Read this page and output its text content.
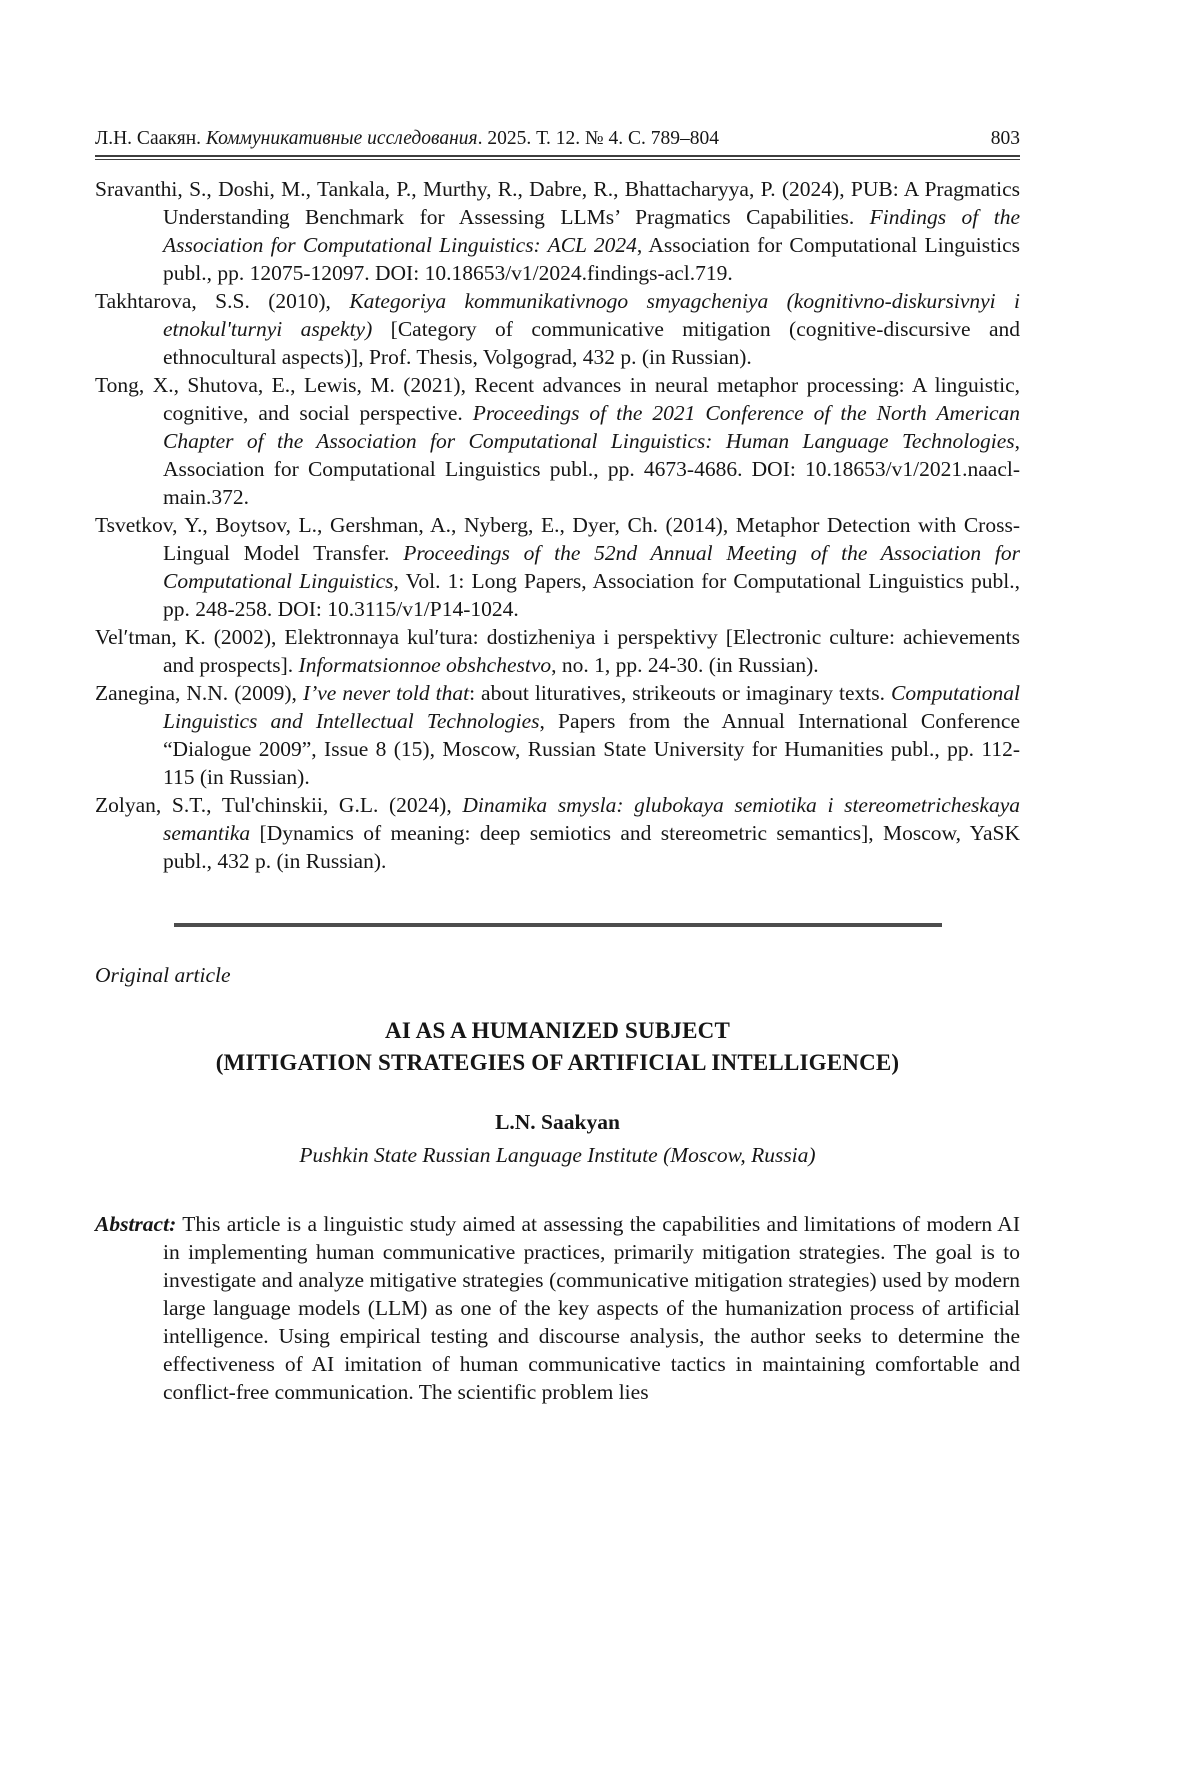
Л.Н. Саакян. Коммуникативные исследования. 2025. Т. 12. № 4. С. 789–804	803

Sravanthi, S., Doshi, M., Tankala, P., Murthy, R., Dabre, R., Bhattacharyya, P. (2024), PUB: A Pragmatics Understanding Benchmark for Assessing LLMs’ Pragmatics Capabilities. Findings of the Association for Computational Linguistics: ACL 2024, Association for Computational Linguistics publ., pp. 12075-12097. DOI: 10.18653/v1/2024.findings-acl.719.

Takhtarova, S.S. (2010), Kategoriya kommunikativnogo smyagcheniya (kognitivno-diskursivnyi i etnokul'turnyi aspekty) [Category of communicative mitigation (cognitive-discursive and ethnocultural aspects)], Prof. Thesis, Volgograd, 432 p. (in Russian).

Tong, X., Shutova, E., Lewis, M. (2021), Recent advances in neural metaphor processing: A linguistic, cognitive, and social perspective. Proceedings of the 2021 Conference of the North American Chapter of the Association for Computational Linguistics: Human Language Technologies, Association for Computational Linguistics publ., pp. 4673-4686. DOI: 10.18653/v1/2021.naacl-main.372.

Tsvetkov, Y., Boytsov, L., Gershman, A., Nyberg, E., Dyer, Ch. (2014), Metaphor Detection with Cross-Lingual Model Transfer. Proceedings of the 52nd Annual Meeting of the Association for Computational Linguistics, Vol. 1: Long Papers, Association for Computational Linguistics publ., pp. 248-258. DOI: 10.3115/v1/P14-1024.

Vel′tman, K. (2002), Elektronnaya kul′tura: dostizheniya i perspektivy [Electronic culture: achievements and prospects]. Informatsionnoe obshchestvo, no. 1, pp. 24-30. (in Russian).

Zanegina, N.N. (2009), I’ve never told that: about lituratives, strikeouts or imaginary texts. Computational Linguistics and Intellectual Technologies, Papers from the Annual International Conference “Dialogue 2009”, Issue 8 (15), Moscow, Russian State University for Humanities publ., pp. 112-115 (in Russian).

Zolyan, S.T., Tul'chinskii, G.L. (2024), Dinamika smysla: glubokaya semiotika i stereometricheskaya semantika [Dynamics of meaning: deep semiotics and stereometric semantics], Moscow, YaSK publ., 432 p. (in Russian).

Original article
AI AS A HUMANIZED SUBJECT
(MITIGATION STRATEGIES OF ARTIFICIAL INTELLIGENCE)
L.N. Saakyan
Pushkin State Russian Language Institute (Moscow, Russia)

Abstract: This article is a linguistic study aimed at assessing the capabilities and limitations of modern AI in implementing human communicative practices, primarily mitigation strategies. The goal is to investigate and analyze mitigative strategies (communicative mitigation strategies) used by modern large language models (LLM) as one of the key aspects of the humanization process of artificial intelligence. Using empirical testing and discourse analysis, the author seeks to determine the effectiveness of AI imitation of human communicative tactics in maintaining comfortable and conflict-free communication. The scientific problem lies
